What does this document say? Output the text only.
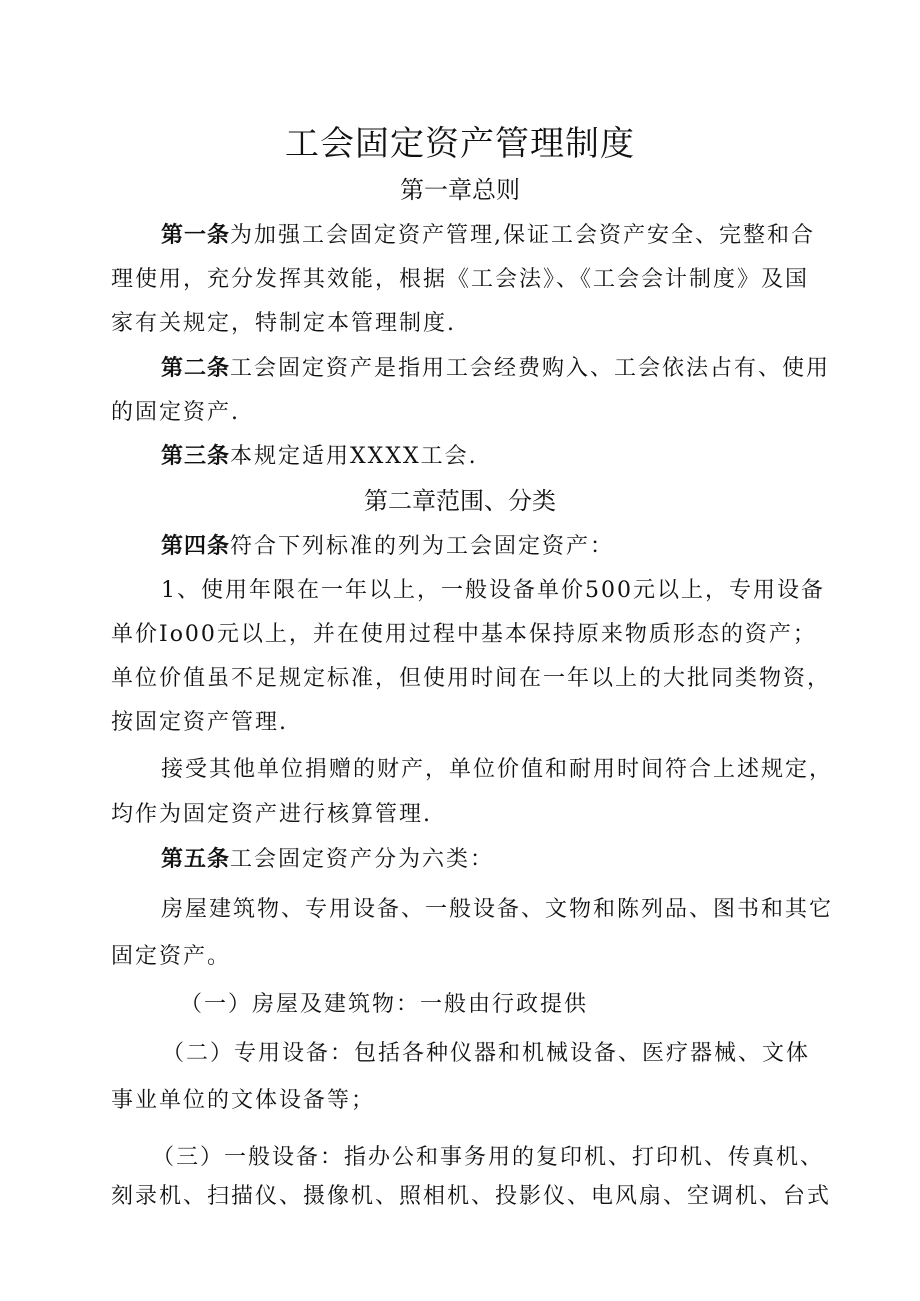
工会固定资产管理制度
第一章总则
第一条为加强工会固定资产管理,保证工会资产安全、完整和合
理使用，充分发挥其效能，根据《工会法》、《工会会计制度》及国
家有关规定，特制定本管理制度.
第二条工会固定资产是指用工会经费购入、工会依法占有、使用
的固定资产.
第三条本规定适用XXXX工会.
第二章范围、分类
第四条符合下列标准的列为工会固定资产：
1、使用年限在一年以上，一般设备单价500元以上，专用设备
单价Io00元以上，并在使用过程中基本保持原来物质形态的资产；
单位价值虽不足规定标准，但使用时间在一年以上的大批同类物资，
按固定资产管理.
接受其他单位捐赠的财产，单位价值和耐用时间符合上述规定，
均作为固定资产进行核算管理.
第五条工会固定资产分为六类：
房屋建筑物、专用设备、一般设备、文物和陈列品、图书和其它
固定资产。
（一）房屋及建筑物：一般由行政提供
（二）专用设备：包括各种仪器和机械设备、医疗器械、文体
事业单位的文体设备等；
（三）一般设备：指办公和事务用的复印机、打印机、传真机、
刻录机、扫描仪、摄像机、照相机、投影仪、电风扇、空调机、台式
